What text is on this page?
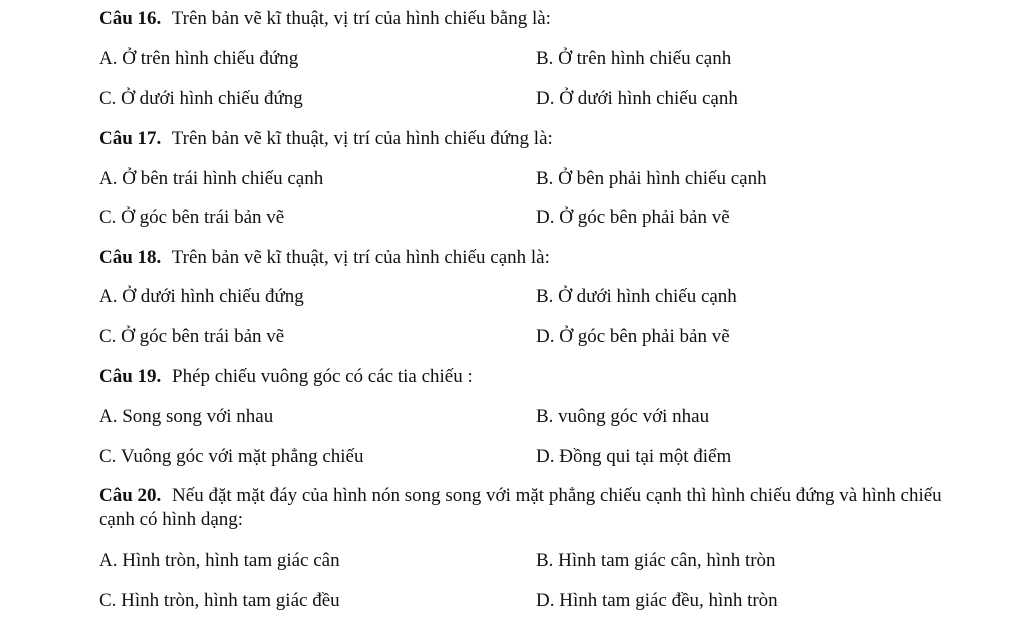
Câu 16. Trên bản vẽ kĩ thuật, vị trí của hình chiếu bằng là:
A. Ở trên hình chiếu đứng	B. Ở trên hình chiếu cạnh
C. Ở dưới hình chiếu đứng	D. Ở dưới hình chiếu cạnh
Câu 17. Trên bản vẽ kĩ thuật, vị trí của hình chiếu đứng là:
A. Ở bên trái hình chiếu cạnh	B. Ở bên phải hình chiếu cạnh
C. Ở góc bên trái bản vẽ	D. Ở góc bên phải bản vẽ
Câu 18. Trên bản vẽ kĩ thuật, vị trí của hình chiếu cạnh là:
A. Ở dưới hình chiếu đứng	B. Ở dưới hình chiếu cạnh
C. Ở góc bên trái bản vẽ	D. Ở góc bên phải bản vẽ
Câu 19. Phép chiếu vuông góc có các tia chiếu :
A. Song song với nhau	B. vuông góc với nhau
C. Vuông góc với mặt phẳng chiếu	D. Đồng qui tại một điểm
Câu 20. Nếu đặt mặt đáy của hình nón song song với mặt phẳng chiếu cạnh thì hình chiếu đứng và hình chiếu cạnh có hình dạng:
A. Hình tròn, hình tam giác cân	B. Hình tam giác cân, hình tròn
C. Hình tròn, hình tam giác đều	D. Hình tam giác đều, hình tròn
